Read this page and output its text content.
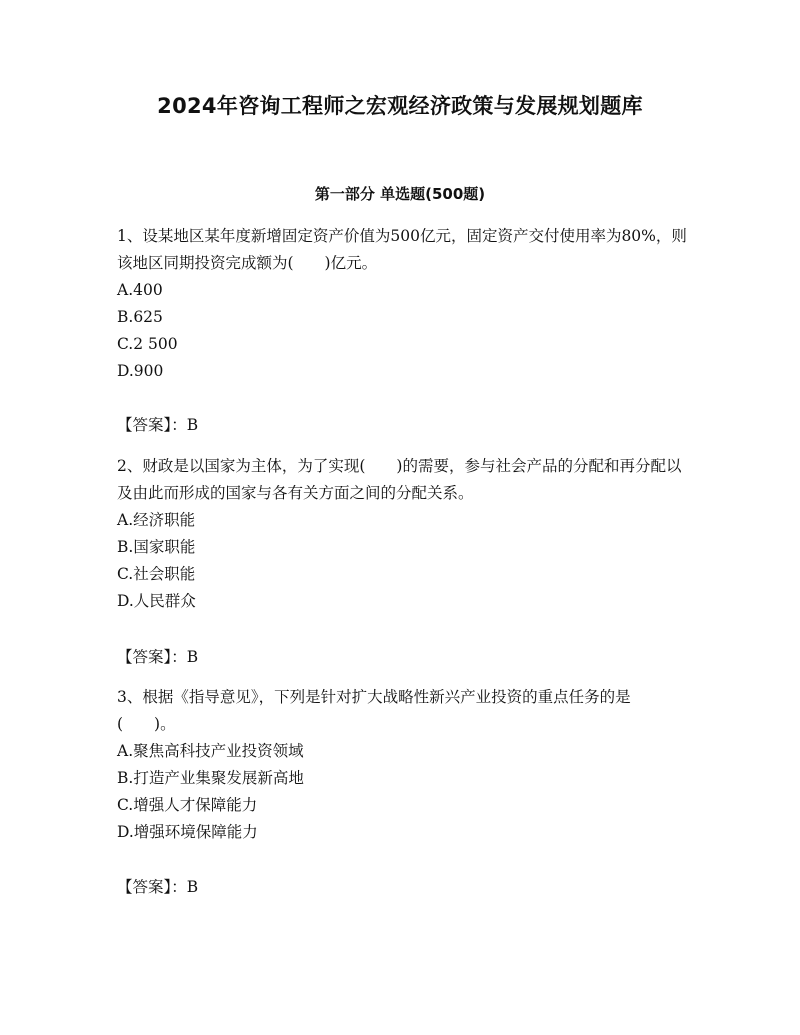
2024年咨询工程师之宏观经济政策与发展规划题库
第一部分 单选题(500题)

1、设某地区某年度新增固定资产价值为500亿元，固定资产交付使用率为80%，则该地区同期投资完成额为(　　)亿元。

A.400

B.625

C.2 500

D.900

【答案】：B

2、财政是以国家为主体，为了实现(　　)的需要，参与社会产品的分配和再分配以及由此而形成的国家与各有关方面之间的分配关系。

A.经济职能

B.国家职能

C.社会职能

D.人民群众

【答案】：B

3、根据《指导意见》，下列是针对扩大战略性新兴产业投资的重点任务的是(　　)。

A.聚焦高科技产业投资领域

B.打造产业集聚发展新高地

C.增强人才保障能力

D.增强环境保障能力

【答案】：B
